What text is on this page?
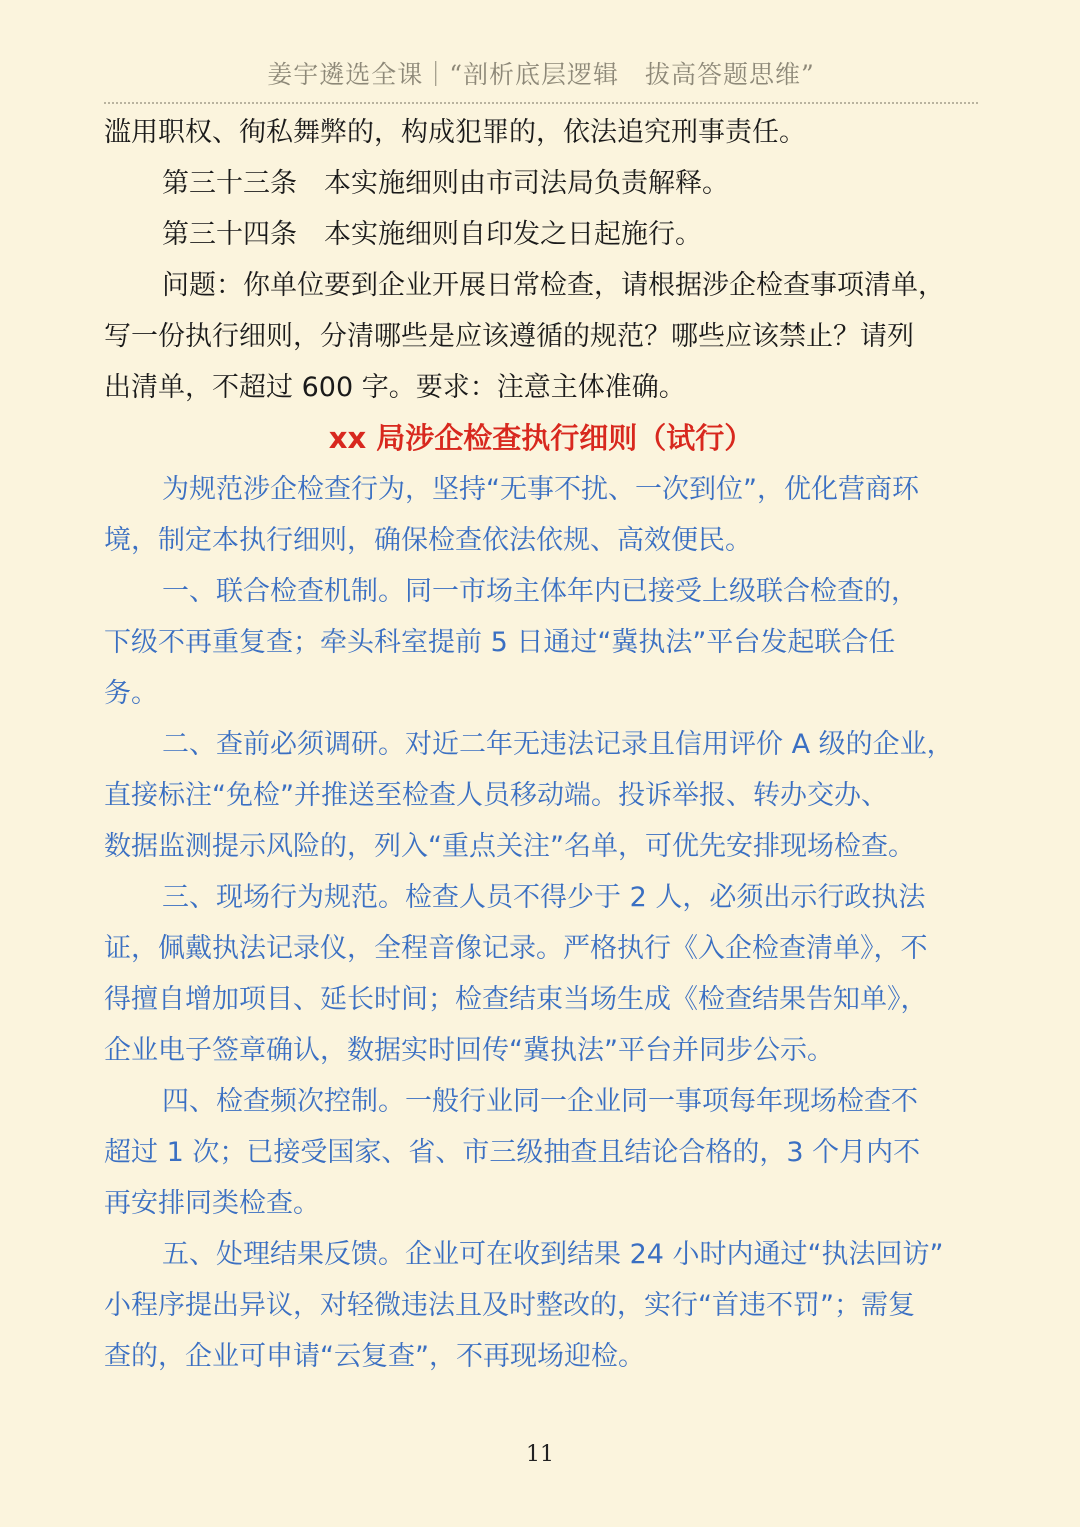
姜宇遴选全课｜“剖析底层逻辑　拔高答题思维”
滥用职权、徇私舞弊的，构成犯罪的，依法追究刑事责任。
第三十三条　本实施细则由市司法局负责解释。
第三十四条　本实施细则自印发之日起施行。
问题：你单位要到企业开展日常检查，请根据涉企检查事项清单，
写一份执行细则，分清哪些是应该遵循的规范？哪些应该禁止？请列
出清单，不超过 600 字。要求：注意主体准确。
xx 局涉企检查执行细则（试行）
为规范涉企检查行为，坚持“无事不扰、一次到位”，优化营商环
境，制定本执行细则，确保检查依法依规、高效便民。
一、联合检查机制。同一市场主体年内已接受上级联合检查的，
下级不再重复查；牵头科室提前 5 日通过“冀执法”平台发起联合任
务。
二、查前必须调研。对近二年无违法记录且信用评价 A 级的企业，
直接标注“免检”并推送至检查人员移动端。投诉举报、转办交办、
数据监测提示风险的，列入“重点关注”名单，可优先安排现场检查。
三、现场行为规范。检查人员不得少于 2 人，必须出示行政执法
证，佩戴执法记录仪，全程音像记录。严格执行《入企检查清单》，不
得擅自增加项目、延长时间；检查结束当场生成《检查结果告知单》，
企业电子签章确认，数据实时回传“冀执法”平台并同步公示。
四、检查频次控制。一般行业同一企业同一事项每年现场检查不
超过 1 次；已接受国家、省、市三级抽查且结论合格的，3 个月内不
再安排同类检查。
五、处理结果反馈。企业可在收到结果 24 小时内通过“执法回访”
小程序提出异议，对轻微违法且及时整改的，实行“首违不罚”；需复
查的，企业可申请“云复查”，不再现场迎检。
11
